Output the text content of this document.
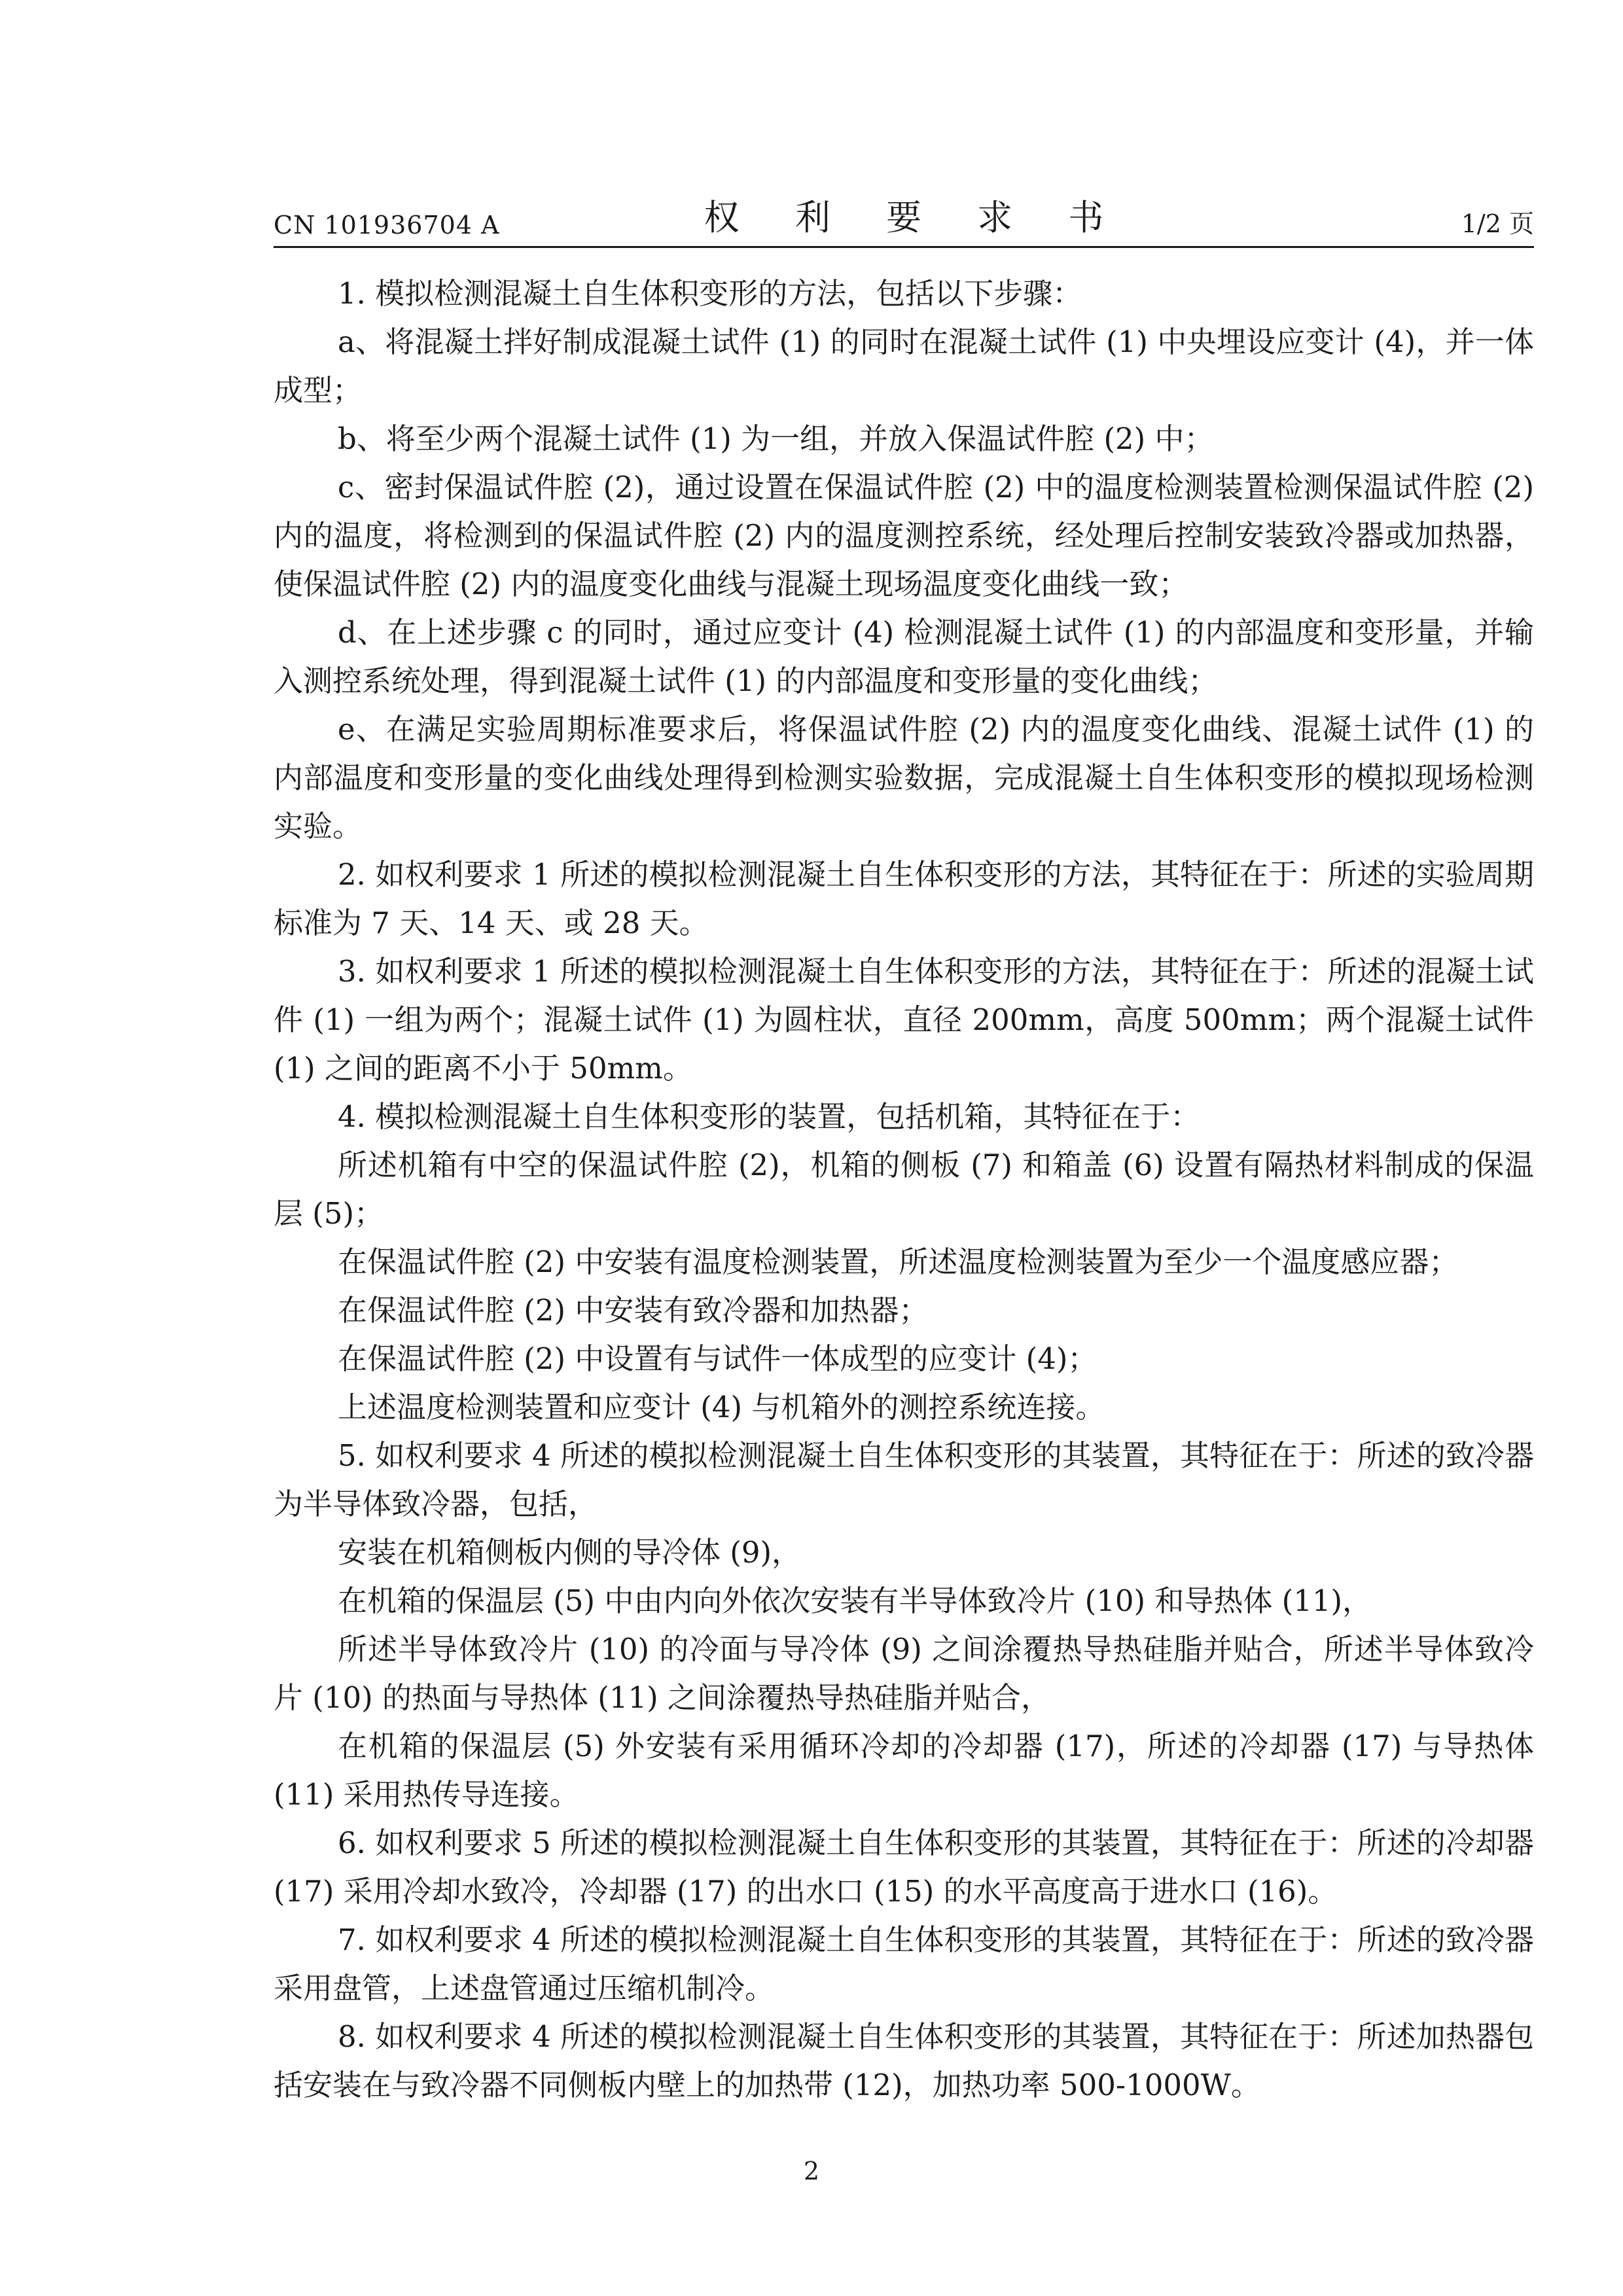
CN 101936704 A	权 利 要 求 书	1/2 页

1. 模拟检测混凝土自生体积变形的方法，包括以下步骤：

a、将混凝土拌好制成混凝土试件 (1) 的同时在混凝土试件 (1) 中央埋设应变计 (4)，并一体成型；

b、将至少两个混凝土试件 (1) 为一组，并放入保温试件腔 (2) 中；

c、密封保温试件腔 (2)，通过设置在保温试件腔 (2) 中的温度检测装置检测保温试件腔 (2) 内的温度，将检测到的保温试件腔 (2) 内的温度测控系统，经处理后控制安装致冷器或加热器，使保温试件腔 (2) 内的温度变化曲线与混凝土现场温度变化曲线一致；

d、在上述步骤 c 的同时，通过应变计 (4) 检测混凝土试件 (1) 的内部温度和变形量，并输入测控系统处理，得到混凝土试件 (1) 的内部温度和变形量的变化曲线；

e、在满足实验周期标准要求后，将保温试件腔 (2) 内的温度变化曲线、混凝土试件 (1) 的内部温度和变形量的变化曲线处理得到检测实验数据，完成混凝土自生体积变形的模拟现场检测实验。

2. 如权利要求 1 所述的模拟检测混凝土自生体积变形的方法，其特征在于：所述的实验周期标准为 7 天、14 天、或 28 天。

3. 如权利要求 1 所述的模拟检测混凝土自生体积变形的方法，其特征在于：所述的混凝土试件 (1) 一组为两个；混凝土试件 (1) 为圆柱状，直径 200mm，高度 500mm；两个混凝土试件 (1) 之间的距离不小于 50mm。

4. 模拟检测混凝土自生体积变形的装置，包括机箱，其特征在于：

所述机箱有中空的保温试件腔 (2)，机箱的侧板 (7) 和箱盖 (6) 设置有隔热材料制成的保温层 (5)；

在保温试件腔 (2) 中安装有温度检测装置，所述温度检测装置为至少一个温度感应器；

在保温试件腔 (2) 中安装有致冷器和加热器；

在保温试件腔 (2) 中设置有与试件一体成型的应变计 (4)；

上述温度检测装置和应变计 (4) 与机箱外的测控系统连接。

5. 如权利要求 4 所述的模拟检测混凝土自生体积变形的其装置，其特征在于：所述的致冷器为半导体致冷器，包括，

安装在机箱侧板内侧的导冷体 (9)，

在机箱的保温层 (5) 中由内向外依次安装有半导体致冷片 (10) 和导热体 (11)，

所述半导体致冷片 (10) 的冷面与导冷体 (9) 之间涂覆热导热硅脂并贴合，所述半导体致冷片 (10) 的热面与导热体 (11) 之间涂覆热导热硅脂并贴合，

在机箱的保温层 (5) 外安装有采用循环冷却的冷却器 (17)，所述的冷却器 (17) 与导热体 (11) 采用热传导连接。

6. 如权利要求 5 所述的模拟检测混凝土自生体积变形的其装置，其特征在于：所述的冷却器 (17) 采用冷却水致冷，冷却器 (17) 的出水口 (15) 的水平高度高于进水口 (16)。

7. 如权利要求 4 所述的模拟检测混凝土自生体积变形的其装置，其特征在于：所述的致冷器采用盘管，上述盘管通过压缩机制冷。

8. 如权利要求 4 所述的模拟检测混凝土自生体积变形的其装置，其特征在于：所述加热器包括安装在与致冷器不同侧板内壁上的加热带 (12)，加热功率 500-1000W。

2
